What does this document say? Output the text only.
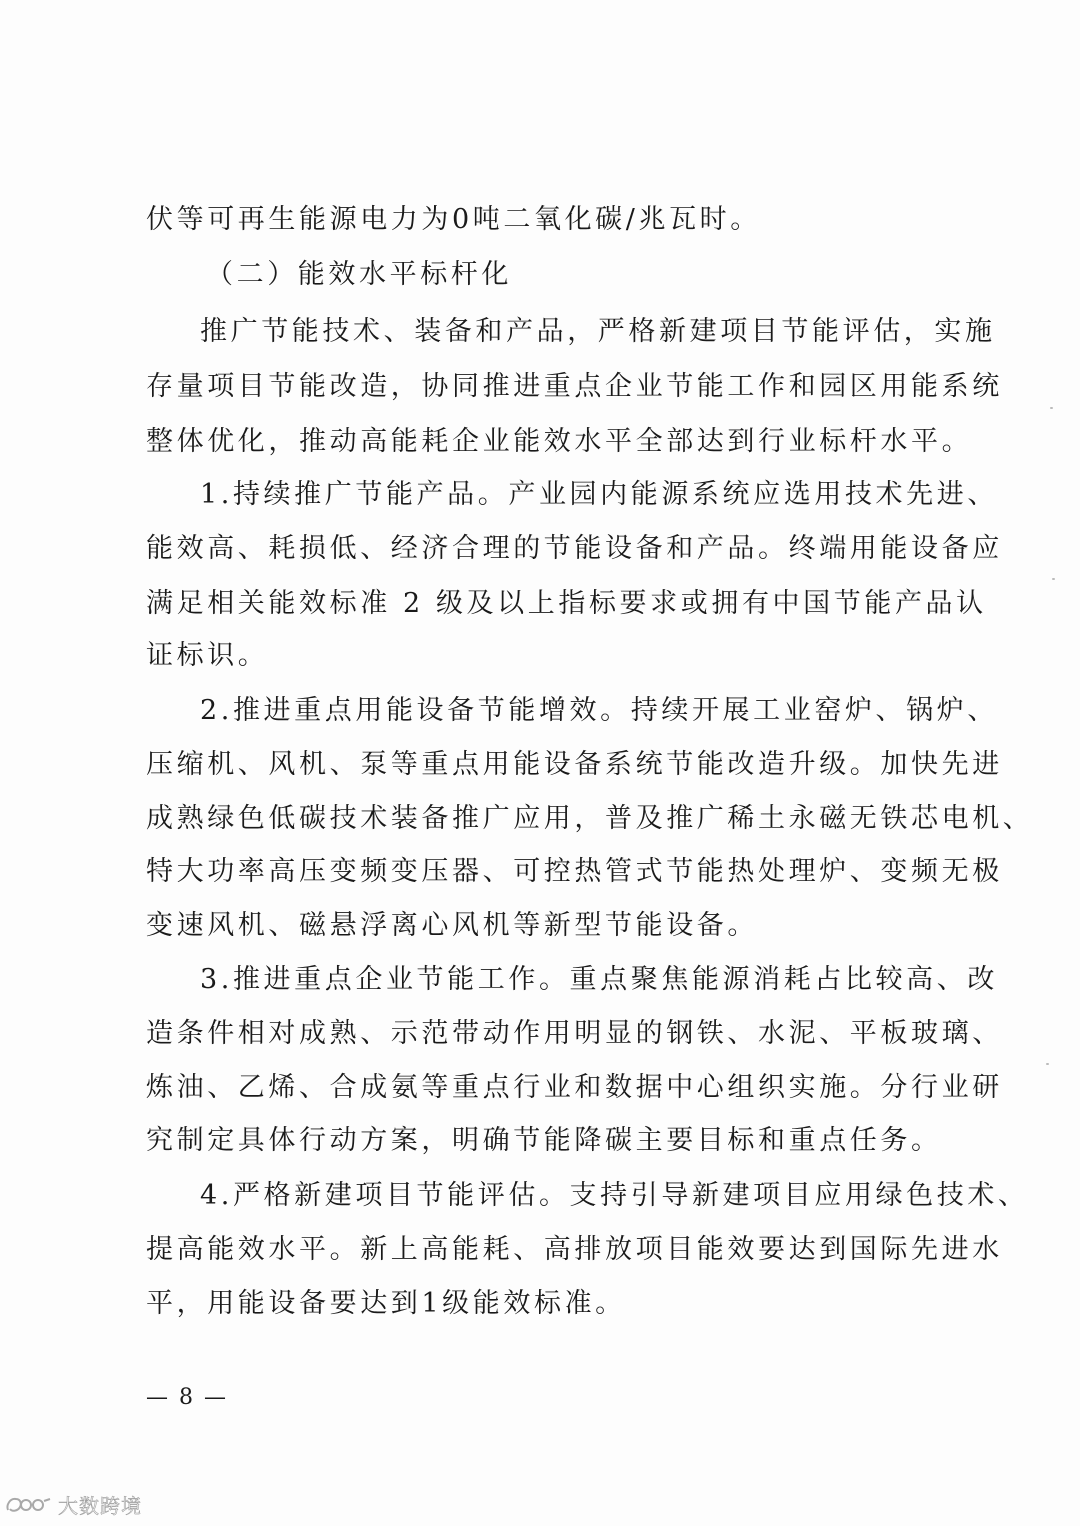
伏等可再生能源电力为0吨二氧化碳/兆瓦时。
（二）能效水平标杆化
推广节能技术、装备和产品，严格新建项目节能评估，实施
存量项目节能改造，协同推进重点企业节能工作和园区用能系统
整体优化，推动高能耗企业能效水平全部达到行业标杆水平。
1.持续推广节能产品。产业园内能源系统应选用技术先进、
能效高、耗损低、经济合理的节能设备和产品。终端用能设备应
满足相关能效标准 2 级及以上指标要求或拥有中国节能产品认
证标识。
2.推进重点用能设备节能增效。持续开展工业窑炉、锅炉、
压缩机、风机、泵等重点用能设备系统节能改造升级。加快先进
成熟绿色低碳技术装备推广应用，普及推广稀土永磁无铁芯电机、
特大功率高压变频变压器、可控热管式节能热处理炉、变频无极
变速风机、磁悬浮离心风机等新型节能设备。
3.推进重点企业节能工作。重点聚焦能源消耗占比较高、改
造条件相对成熟、示范带动作用明显的钢铁、水泥、平板玻璃、
炼油、乙烯、合成氨等重点行业和数据中心组织实施。分行业研
究制定具体行动方案，明确节能降碳主要目标和重点任务。
4.严格新建项目节能评估。支持引导新建项目应用绿色技术、
提高能效水平。新上高能耗、高排放项目能效要达到国际先进水
平，用能设备要达到1级能效标准。
— 8 —
大数跨境
